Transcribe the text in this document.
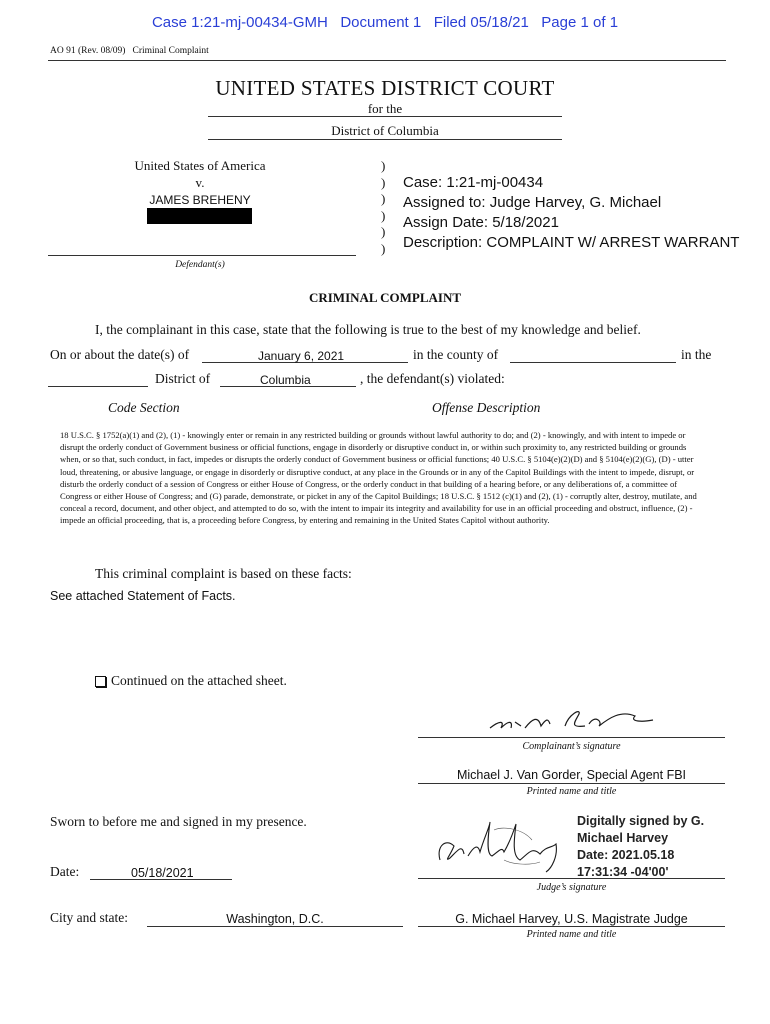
Case 1:21-mj-00434-GMH   Document 1   Filed 05/18/21   Page 1 of 1
AO 91 (Rev. 08/09)   Criminal Complaint
UNITED STATES DISTRICT COURT
for the
District of Columbia
United States of America
v.
JAMES BREHENY
Defendant(s)
)
)
)
)
)
)
Case: 1:21-mj-00434
Assigned to: Judge Harvey, G. Michael
Assign Date: 5/18/2021
Description: COMPLAINT W/ ARREST WARRANT
CRIMINAL COMPLAINT
I, the complainant in this case, state that the following is true to the best of my knowledge and belief.
On or about the date(s) of	January 6, 2021	in the county of	in the
District of	Columbia	, the defendant(s) violated:
Code Section	Offense Description
18 U.S.C. § 1752(a)(1) and (2), (1) - knowingly enter or remain in any restricted building or grounds without lawful authority to do; and (2) - knowingly, and with intent to impede or disrupt the orderly conduct of Government business or official functions, engage in disorderly or disruptive conduct in, or within such proximity to, any restricted building or grounds when, or so that, such conduct, in fact, impedes or disrupts the orderly conduct of Government business or official functions; 40 U.S.C. § 5104(e)(2)(D) and § 5104(e)(2)(G), (D) - utter loud, threatening, or abusive language, or engage in disorderly or disruptive conduct, at any place in the Grounds or in any of the Capitol Buildings with the intent to impede, disrupt, or disturb the orderly conduct of a session of Congress or either House of Congress, or the orderly conduct in that building of a hearing before, or any deliberations of, a committee of Congress or either House of Congress; and (G) parade, demonstrate, or picket in any of the Capitol Buildings; 18 U.S.C. § 1512 (c)(1) and (2), (1) - corruptly alter, destroy, mutilate, and conceal a record, document, and other object, and attempted to do so, with the intent to impair its integrity and availability for use in an official proceeding and obstruct, influence, (2) - impede an official proceeding, that is, a proceeding before Congress, by entering and remaining in the United States Capitol without authority.
This criminal complaint is based on these facts:
See attached Statement of Facts.
Continued on the attached sheet.
Complainant’s signature
Michael J. Van Gorder, Special Agent FBI
Printed name and title
Sworn to before me and signed in my presence.	Digitally signed by G.
Michael Harvey
Date: 2021.05.18
17:31:34 -04'00'
Judge’s signature
Date:	05/18/2021
City and state:	Washington, D.C.	G. Michael Harvey, U.S. Magistrate Judge
Printed name and title
